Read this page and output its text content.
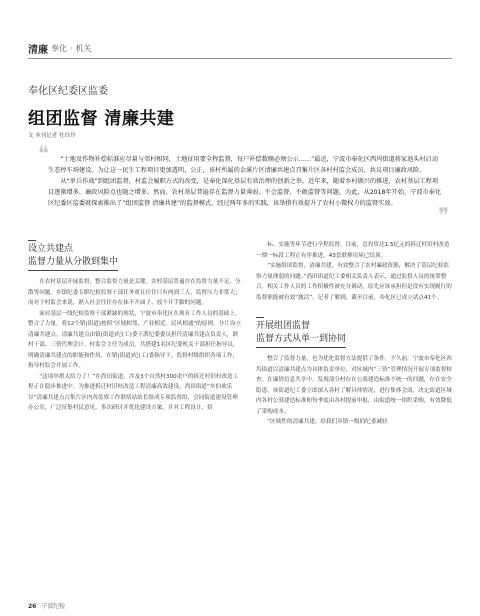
清廉 奉化 · 机关
奉化区纪委区监委
组团监督 清廉共建
文 本刊记者 杜玲玲
❝	“土地及作物补偿标准应尽量与邻村相同，土地征用要全程监督，每户补偿数额必须公示……”最近，宁波市奉化区西坞街道蒋家池头村启动生态停车场建设。为让这一民生工程项目更加透明、公正，该村所属的金溪片区清廉共建点召集片区各村村监会成员，共议项目廉政风险。

从“单兵作战”到组团监督，村监会履职方式的改变，是奉化深化基层有效治理的创新之举。近年来，随着乡村振兴的推进，农村基层工程项目逐渐增多，廉政风险点也随之增多。然而，农村基层普遍存在监督力量薄弱、不会监督、不敢监督等问题。为此，从2018年开始，宁波市奉化区纪委区监委就探索推出了“组团监督 清廉共建”的监督模式，经过两年多的实践，该举措有效提升了农村小微权力的监督实效。	❞
设立共建点
监督力量从分散到集中

在农村基层开展监督，整合监督力量是关键。农村基层普遍存在监督力量不足、分散等问题。乡镇纪委专职纪检监察干部任务重且往往只有两到三人，监督压力非常大；而对于村监会来说，熟人社会往往存在抹不开面子、放不开手脚的问题。

面对基层一线纪检监察干部紧缺的现状，宁波市奉化区在现有工作人员的基础上，整合了力量。将12个镇(街道)按照“区域相邻、产业相近、民风相通”的原则，分片设立清廉共建点。清廉共建点由镇(街道)纪(工)委下派纪委委员担任清廉共建点负责人，联村干部、三资代理会计、村监会主任为成员，共搭建1名区纪委机关干部担任指导员，明确清廉共建点的职能和作用，在镇(街道)纪(工)委指导下，监督村级组织各项工作，指导村监会开展工作。

“这项举措太给力了！”在尚田街道，涉及3个自然村300余户的拆迁村旧村改造工程正在稳步推进中。为推进拆迁村旧村改造工程清廉高效建设，尚田街道“乡伯欢乐谷”清廉共建点召集片区内各监察工作联络站站长组成专项监督组，会同街道建设管理办公室，广泛征集村民意见，多次研讨并优化建设方案，并对工程设计、招

标、实施等环节进行全程监督。目前，总投资达1.5亿元的拆迁村旧村改造一期一标段工程正有序推进，43套联排房屋已结顶。

“实施组团监督，清廉共建，有效整合了农村廉政资源，解决了基层纪检监察力量薄弱的问题。”尚田街道纪工委相关负责人表示，通过监督人员的统筹整合，相关工作人员的工作积极性被充分调动，原先应该承担但是没有实现履行的监督职能被有效“激活”。记者了解到，截至目前，奉化区已成立试点41个。

开展组团监督
监督方式从单一到协同

整合了监督力量，也为优化监督方法提供了条件。不久前，宁波市奉化区西坞街道以清廉共建点为具体负责单位，对区域内“三资”管理情况开展专项监督检查。在廉情信息共享中，发现部分村存在公墓建造标准不统一的问题，存在安全隐患。该街道纪工委立即深入各村了解具体情况，进行集体会商，决定街道区域内各村公墓建造标准和每季度由各村提前申报，由街道统一组织采购，有效降低了采购成本。

“区域性的清廉共建，给我们乡镇一级的纪委减轻

26 宁波纪检
